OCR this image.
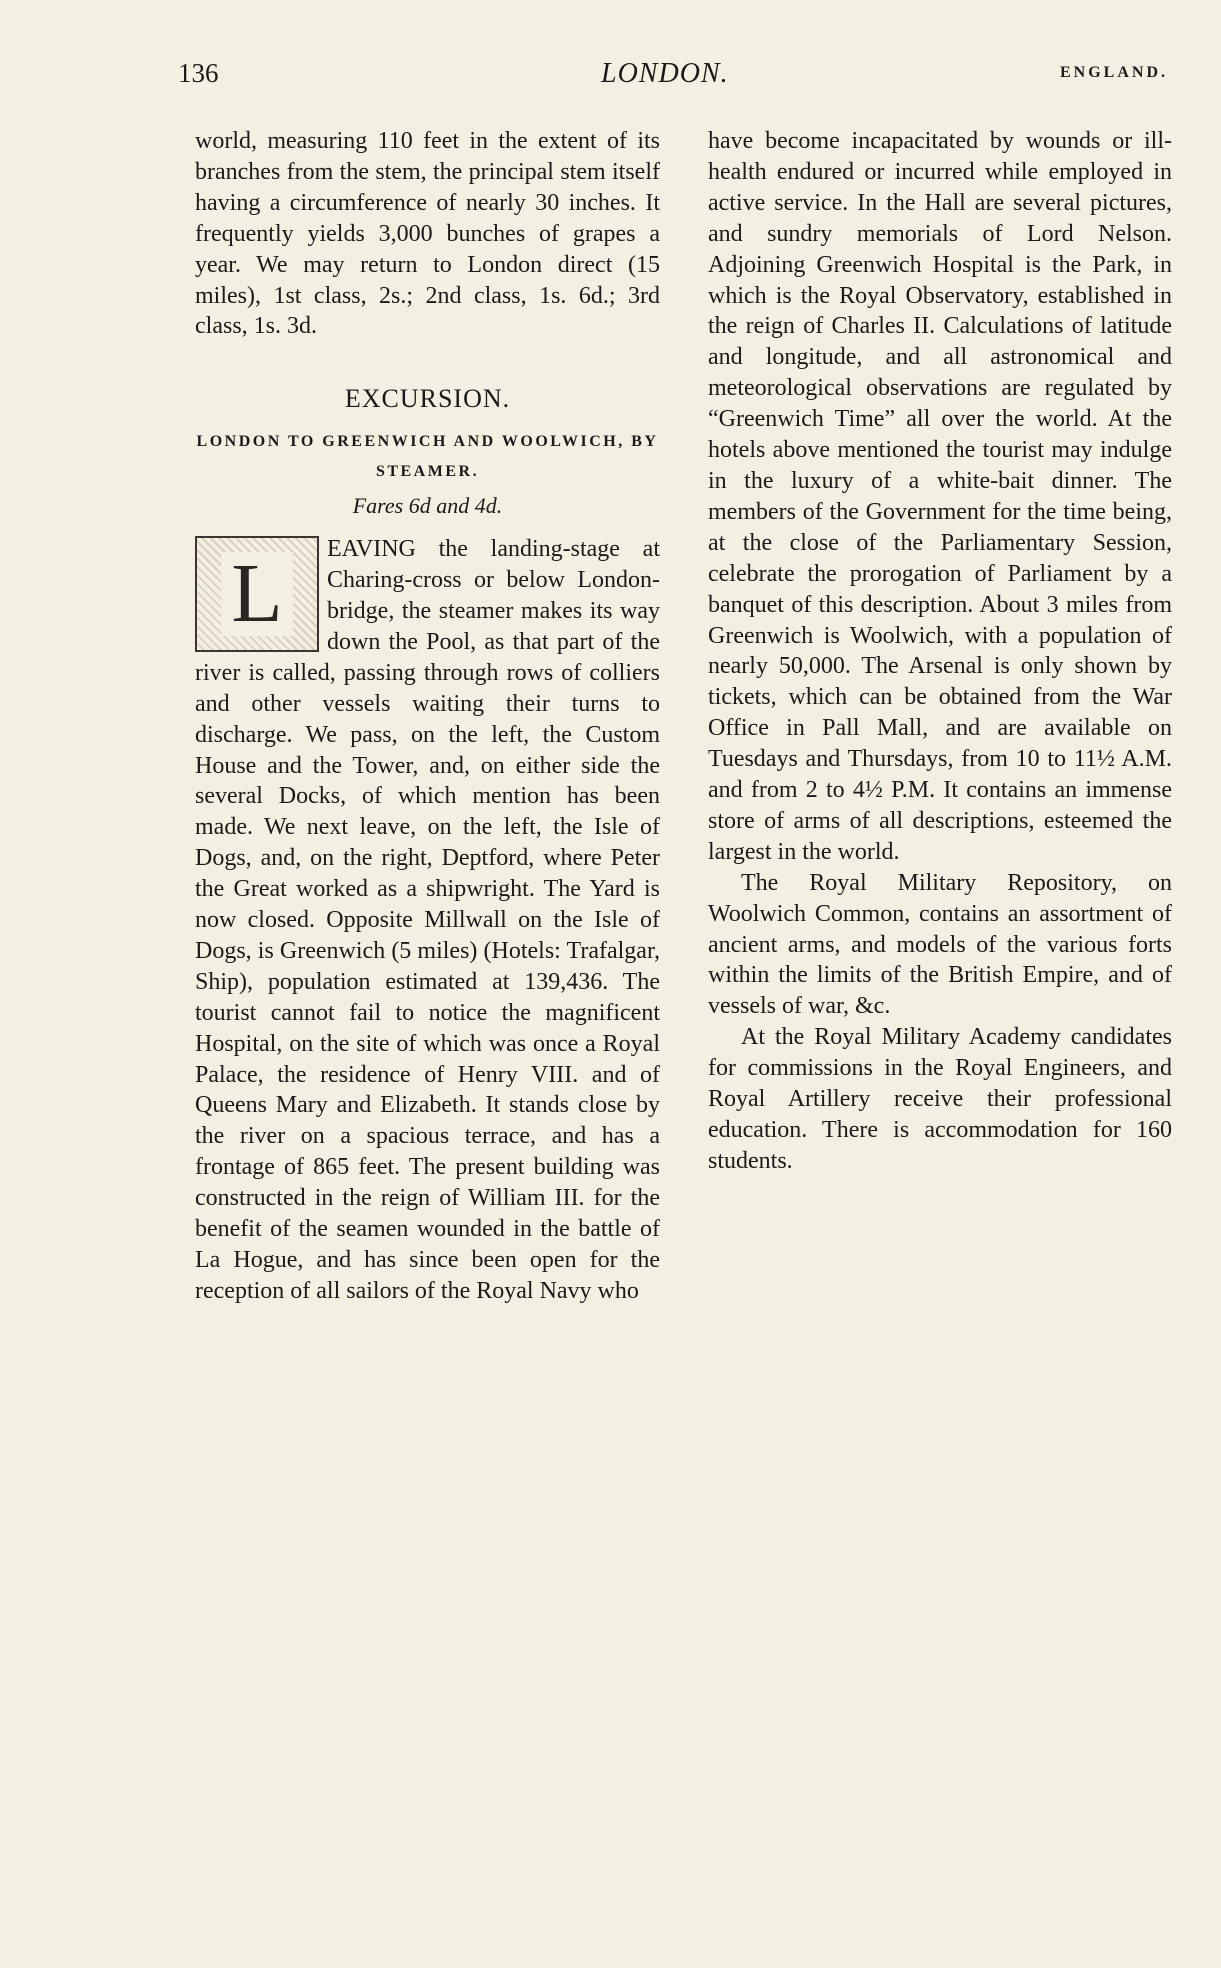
136	LONDON.	ENGLAND.

world, measuring 110 feet in the extent of its branches from the stem, the principal stem itself having a circumference of nearly 30 inches. It frequently yields 3,000 bunches of grapes a year. We may return to London direct (15 miles), 1st class, 2s.; 2nd class, 1s. 6d.; 3rd class, 1s. 3d.

EXCURSION.
LONDON TO GREENWICH AND WOOLWICH, BY STEAMER.
Fares 6d and 4d.

L	EAVING the landing-stage at Charing-cross or below London-bridge, the steamer makes its way down the Pool, as that part of the river is called, passing through rows of colliers and other vessels waiting their turns to discharge. We pass, on the left, the Custom House and the Tower, and, on either side the several Docks, of which mention has been made. We next leave, on the left, the Isle of Dogs, and, on the right, Deptford, where Peter the Great worked as a shipwright. The Yard is now closed. Opposite Millwall on the Isle of Dogs, is Greenwich (5 miles) (Hotels: Trafalgar, Ship), population estimated at 139,436. The tourist cannot fail to notice the magnificent Hospital, on the site of which was once a Royal Palace, the residence of Henry VIII. and of Queens Mary and Elizabeth. It stands close by the river on a spacious terrace, and has a frontage of 865 feet. The present building was constructed in the reign of William III. for the benefit of the seamen wounded in the battle of La Hogue, and has since been open for the reception of all sailors of the Royal Navy who

have become incapacitated by wounds or ill-health endured or incurred while employed in active service. In the Hall are several pictures, and sundry memorials of Lord Nelson. Adjoining Greenwich Hospital is the Park, in which is the Royal Observatory, established in the reign of Charles II. Calculations of latitude and longitude, and all astronomical and meteorological observations are regulated by “Greenwich Time” all over the world. At the hotels above mentioned the tourist may indulge in the luxury of a white-bait dinner. The members of the Government for the time being, at the close of the Parliamentary Session, celebrate the prorogation of Parliament by a banquet of this description. About 3 miles from Greenwich is Woolwich, with a population of nearly 50,000. The Arsenal is only shown by tickets, which can be obtained from the War Office in Pall Mall, and are available on Tuesdays and Thursdays, from 10 to 11½ A.M. and from 2 to 4½ P.M. It contains an immense store of arms of all descriptions, esteemed the largest in the world.

The Royal Military Repository, on Woolwich Common, contains an assortment of ancient arms, and models of the various forts within the limits of the British Empire, and of vessels of war, &c.

At the Royal Military Academy candidates for commissions in the Royal Engineers, and Royal Artillery receive their professional education. There is accommodation for 160 students.
